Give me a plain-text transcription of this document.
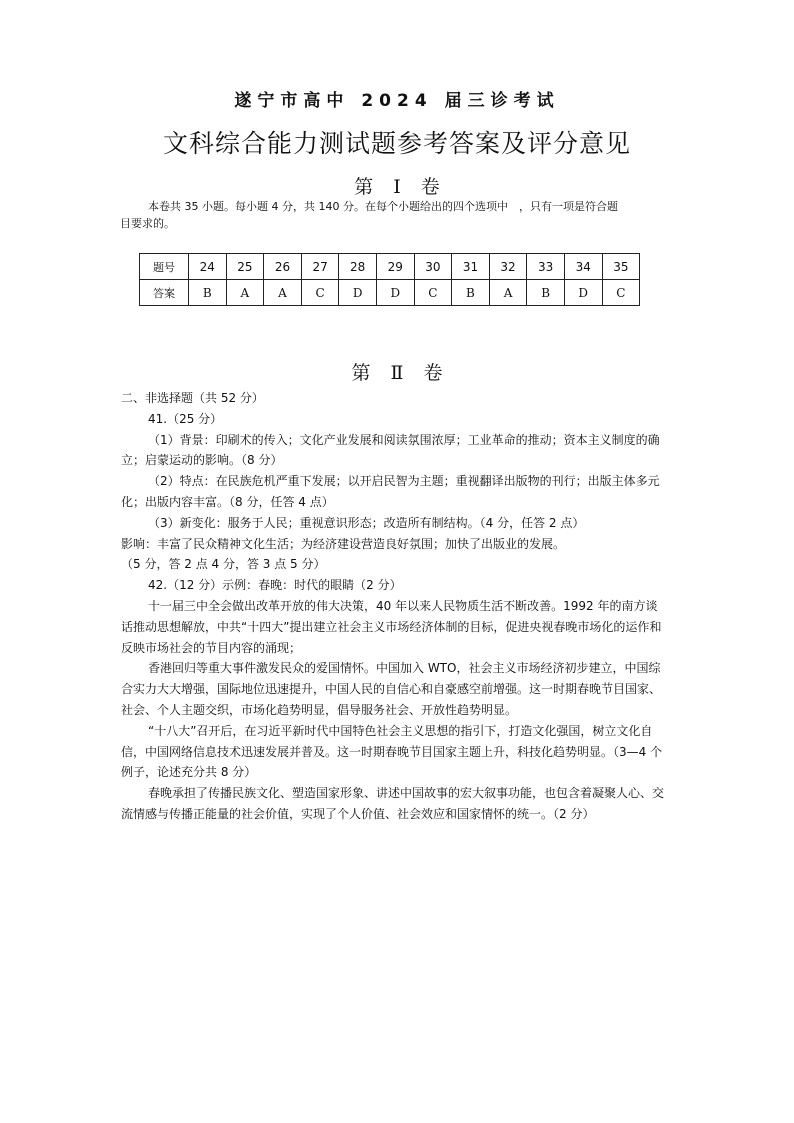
遂宁市高中 2024 届三诊考试
文科综合能力测试题参考答案及评分意见
第 Ⅰ 卷
本卷共 35 小题。每小题 4 分，共 140 分。在每个小题给出的四个选项中　，只有一项是符合题
目要求的。
题号	24	25	26	27	28	29	30	31	32	33	34	35
答案	B	A	A	C	D	D	C	B	A	B	D	C
第 Ⅱ 卷

二、非选择题（共 52 分）

41.（25 分）

（1）背景：印刷术的传入；文化产业发展和阅读氛围浓厚；工业革命的推动；资本主义制度的确立；启蒙运动的影响。（8 分）

（2）特点：在民族危机严重下发展；以开启民智为主题；重视翻译出版物的刊行；出版主体多元化；出版内容丰富。（8 分，任答 4 点）

（3）新变化：服务于人民；重视意识形态；改造所有制结构。（4 分，任答 2 点）

影响：丰富了民众精神文化生活；为经济建设营造良好氛围；加快了出版业的发展。

（5 分，答 2 点 4 分，答 3 点 5 分）

42.（12 分）示例：春晚：时代的眼睛（2 分）

十一届三中全会做出改革开放的伟大决策，40 年以来人民物质生活不断改善。1992 年的南方谈话推动思想解放，中共“十四大”提出建立社会主义市场经济体制的目标，促进央视春晚市场化的运作和反映市场社会的节目内容的涌现；

香港回归等重大事件激发民众的爱国情怀。中国加入 WTO，社会主义市场经济初步建立，中国综合实力大大增强，国际地位迅速提升，中国人民的自信心和自豪感空前增强。这一时期春晚节目国家、社会、个人主题交织，市场化趋势明显，倡导服务社会、开放性趋势明显。

“十八大”召开后，在习近平新时代中国特色社会主义思想的指引下，打造文化强国，树立文化自信，中国网络信息技术迅速发展并普及。这一时期春晚节目国家主题上升，科技化趋势明显。（3—4 个例子，论述充分共 8 分）

春晚承担了传播民族文化、塑造国家形象、讲述中国故事的宏大叙事功能，也包含着凝聚人心、交流情感与传播正能量的社会价值，实现了个人价值、社会效应和国家情怀的统一。（2 分）
